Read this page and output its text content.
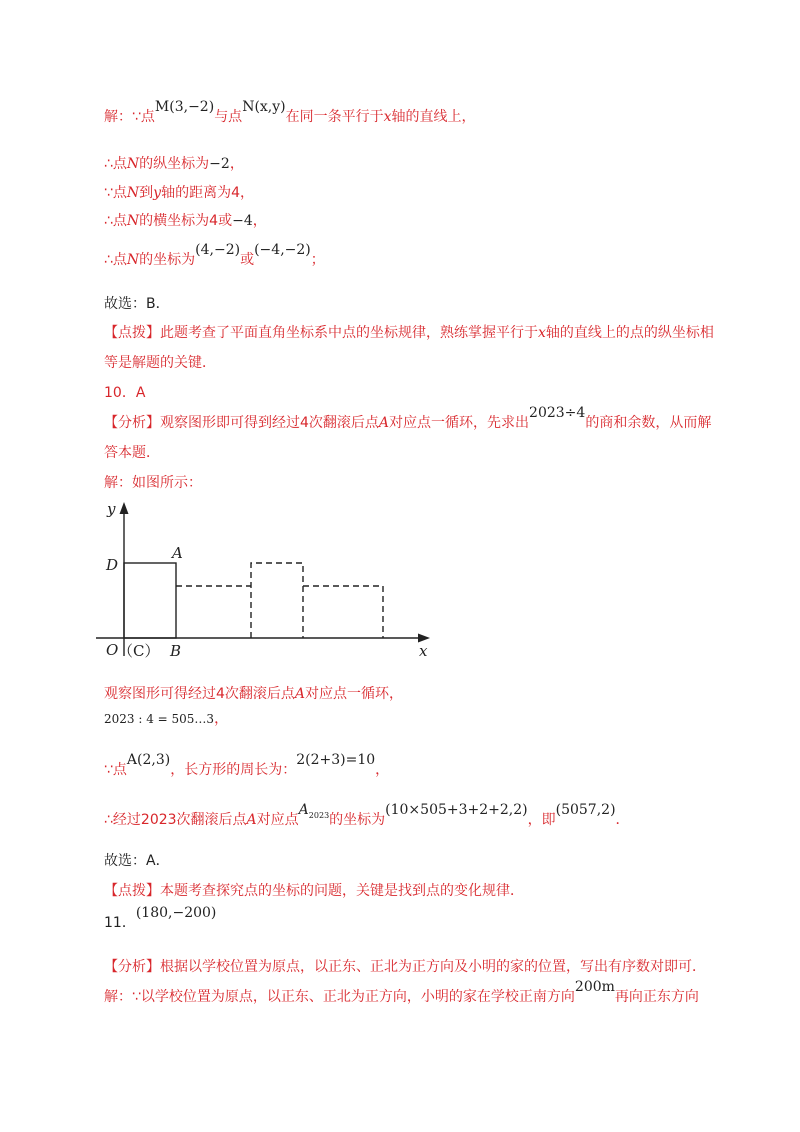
解：∵点M(3,−2)与点N(x,y)在同一条平行于x轴的直线上，
∴点N的纵坐标为−2，
∵点N到y轴的距离为4，
∴点N的横坐标为4或−4，
∴点N的坐标为(4,−2)或(−4,−2)；
故选：B．
【点拨】此题考查了平面直角坐标系中点的坐标规律，熟练掌握平行于x轴的直线上的点的纵坐标相
等是解题的关键．
10．A
【分析】观察图形即可得到经过4次翻滚后点A对应点一循环，先求出2023÷4的商和余数，从而解
答本题．
解：如图所示：
y
D
A
O （C） B	x
观察图形可得经过4次翻滚后点A对应点一循环，
2023 : 4 = 505…3，
∵点A(2,3)，长方形的周长为：2(2+3)=10，
∴经过2023次翻滚后点A对应点$A_{2023}$的坐标为(10×505+3+2+2,2)，即(5057,2)．
故选：A．
【点拨】本题考查探究点的坐标的问题，关键是找到点的变化规律．
11．(180,−200)
【分析】根据以学校位置为原点，以正东、正北为正方向及小明的家的位置，写出有序数对即可．
解：∵以学校位置为原点，以正东、正北为正方向，小明的家在学校正南方向200m再向正东方向
